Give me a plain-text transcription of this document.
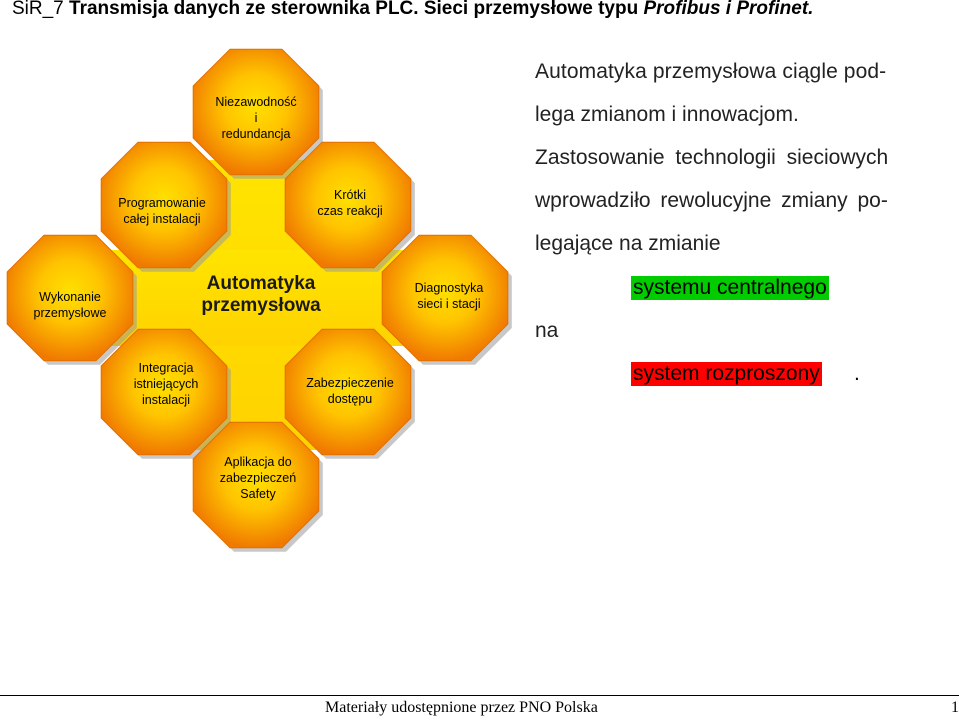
SiR_7 Transmisja danych ze sterownika PLC. Sieci przemysłowe typu Profibus i Profinet.
Automatyka
przemysłowa
Niezawodność
i
redundancja
Programowanie
całej instalacji
Krótki
czas reakcji
Wykonanie
przemysłowe
Diagnostyka
sieci i stacji
Integracja
istniejących
instalacji
Zabezpieczenie
dostępu
Aplikacja do
zabezpieczeń
Safety
Automatyka przemysłowa ciągle pod-
lega zmianom i innowacjom.
Zastosowanie technologii sieciowych
wprowadziło rewolucyjne zmiany po-
legające na zmianie
systemu centralnego
na
system rozproszony .
Materiały udostępnione przez PNO Polska	1
